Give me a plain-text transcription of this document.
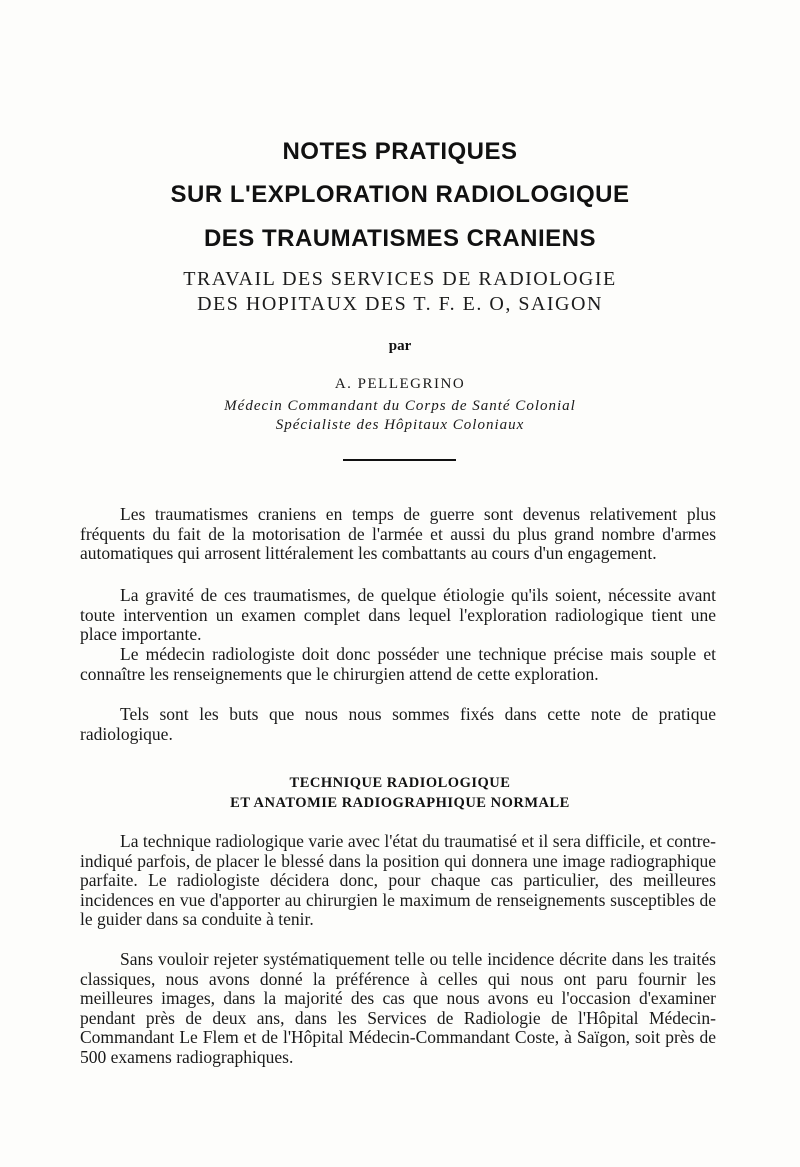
NOTES PRATIQUES
SUR L'EXPLORATION RADIOLOGIQUE
DES TRAUMATISMES CRANIENS
TRAVAIL DES SERVICES DE RADIOLOGIE
DES HOPITAUX DES T. F. E. O, SAIGON
par
A. PELLEGRINO
Médecin Commandant du Corps de Santé Colonial
Spécialiste des Hôpitaux Coloniaux

Les traumatismes craniens en temps de guerre sont devenus relativement plus fréquents du fait de la motorisation de l'armée et aussi du plus grand nombre d'armes automatiques qui arrosent littéralement les combattants au cours d'un engagement.

La gravité de ces traumatismes, de quelque étiologie qu'ils soient, nécessite avant toute intervention un examen complet dans lequel l'exploration radiologique tient une place importante.

Le médecin radiologiste doit donc posséder une technique précise mais souple et connaître les renseignements que le chirurgien attend de cette exploration.

Tels sont les buts que nous nous sommes fixés dans cette note de pratique radiologique.

TECHNIQUE RADIOLOGIQUE
ET ANATOMIE RADIOGRAPHIQUE NORMALE

La technique radiologique varie avec l'état du traumatisé et il sera difficile, et contre-indiqué parfois, de placer le blessé dans la position qui donnera une image radiographique parfaite. Le radiologiste décidera donc, pour chaque cas particulier, des meilleures incidences en vue d'apporter au chirurgien le maximum de renseignements susceptibles de le guider dans sa conduite à tenir.

Sans vouloir rejeter systématiquement telle ou telle incidence décrite dans les traités classiques, nous avons donné la préférence à celles qui nous ont paru fournir les meilleures images, dans la majorité des cas que nous avons eu l'occasion d'examiner pendant près de deux ans, dans les Services de Radiologie de l'Hôpital Médecin-Commandant Le Flem et de l'Hôpital Médecin-Commandant Coste, à Saïgon, soit près de 500 examens radiographiques.
